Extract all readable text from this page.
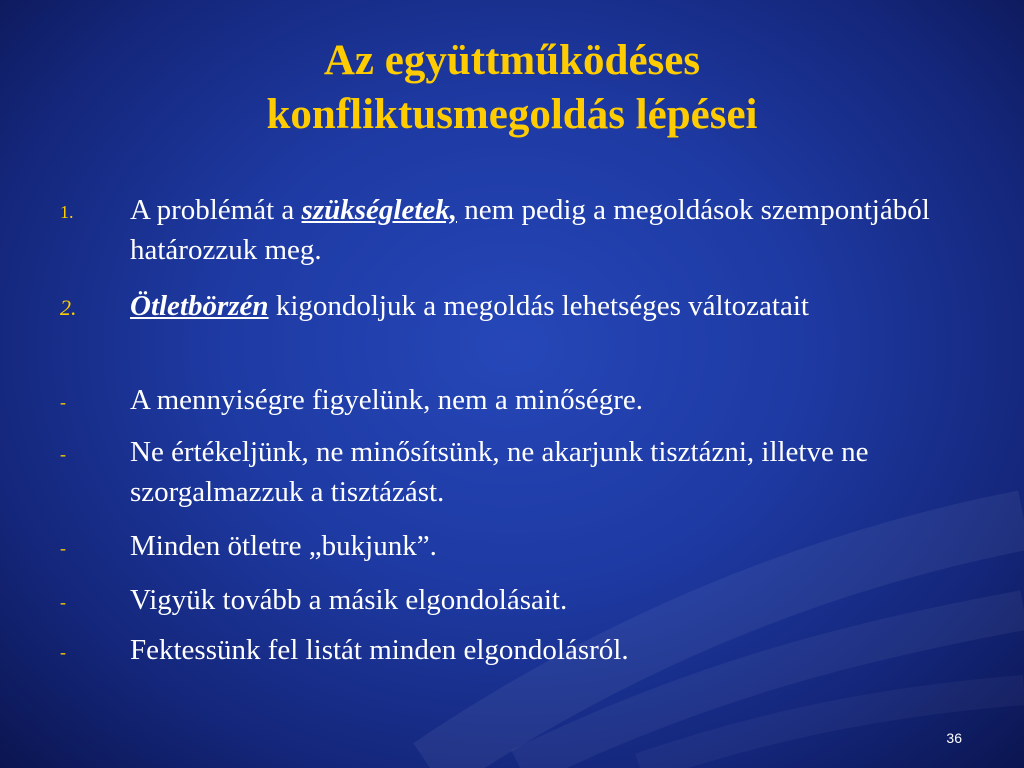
Az együttműködéses
konfliktusmegoldás lépései
1.	A problémát a szükségletek, nem pedig a megoldások szempontjából határozzuk meg.
2.	Ötletbörzén kigondoljuk a megoldás lehetséges változatait
-	A mennyiségre figyelünk, nem a minőségre.
-	Ne értékeljünk, ne minősítsünk, ne akarjunk tisztázni, illetve ne szorgalmazzuk a tisztázást.
-	Minden ötletre „bukjunk”.
-	Vigyük tovább a másik elgondolásait.
-	Fektessünk fel listát minden elgondolásról.
36
